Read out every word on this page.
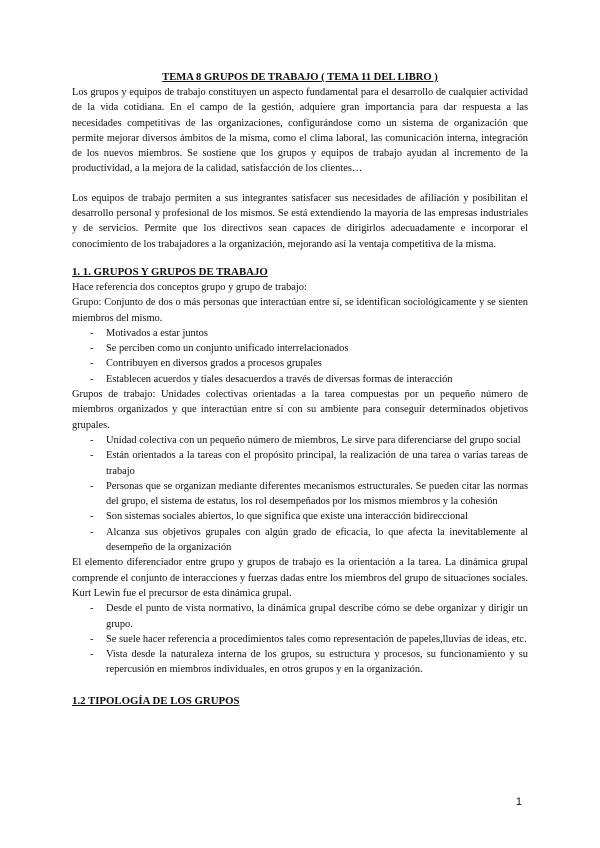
TEMA 8 GRUPOS DE TRABAJO ( TEMA 11 DEL LIBRO )

Los grupos y equipos de trabajo constituyen un aspecto fundamental para el desarrollo de cualquier actividad de la vida cotidiana. En el campo de la gestión, adquiere gran importancia para dar respuesta a las necesidades competitivas de las organizaciones, configurándose como un sistema de organización que permite mejorar diversos ámbitos de la misma, como el clima laboral, las comunicación interna, integración de los nuevos miembros. Se sostiene que los grupos y equipos de trabajo ayudan al incremento de la productividad, a la mejora de la calidad, satisfacción de los clientes…

Los equipos de trabajo permiten a sus integrantes satisfacer sus necesidades de afiliación y posibilitan el desarrollo personal y profesional de los mismos. Se está extendiendo la mayoría de las empresas industriales y de servicios. Permite que los directivos sean capaces de dirigirlos adecuadamente e incorporar el conocimiento de los trabajadores a la organización, mejorando así la ventaja competitiva de la misma.

1. 1. GRUPOS Y GRUPOS DE TRABAJO

Hace referencia dos conceptos grupo y grupo de trabajo:

Grupo: Conjunto de dos o más personas que interactúan entre sí, se identifican sociológicamente y se sienten miembros del mismo.

- Motivados a estar juntos
- Se perciben como un conjunto unificado interrelacionados
- Contribuyen en diversos grados a procesos grupales
- Establecen acuerdos y tiales desacuerdos a través de diversas formas de interacción

Grupos de trabajo: Unidades colectivas orientadas a la tarea compuestas por un pequeño número de miembros organizados y que interactúan entre sí con su ambiente para conseguir determinados objetivos grupales.

- Unidad colectiva con un pequeño número de miembros, Le sirve para diferenciarse del grupo social
- Están orientados a la tareas con el propósito principal, la realización de una tarea o varias tareas de trabajo
- Personas que se organizan mediante diferentes mecanismos estructurales. Se pueden citar las normas del grupo, el sistema de estatus, los rol desempeñados por los mismos miembros y la cohesión
- Son sistemas sociales abiertos, lo que significa que existe una interacción bidireccional
- Alcanza sus objetivos grupales con algún grado de eficacia, lo que afecta la inevitablemente al desempeño de la organización

El elemento diferenciador entre grupo y grupos de trabajo es la orientación a la tarea. La dinámica grupal comprende el conjunto de interacciones y fuerzas dadas entre los miembros del grupo de situaciones sociales. Kurt Lewin fue el precursor de esta dinámica grupal.

- Desde el punto de vista normativo, la dinámica grupal describe cómo se debe organizar y dirigir un grupo.
- Se suele hacer referencia a procedimientos tales como representación de papeles,lluvias de ideas, etc.
- Vista desde la naturaleza interna de los grupos, su estructura y procesos, su funcionamiento y su repercusión en miembros individuales, en otros grupos y en la organización.
1.2 TIPOLOGÍA DE LOS GRUPOS
1
